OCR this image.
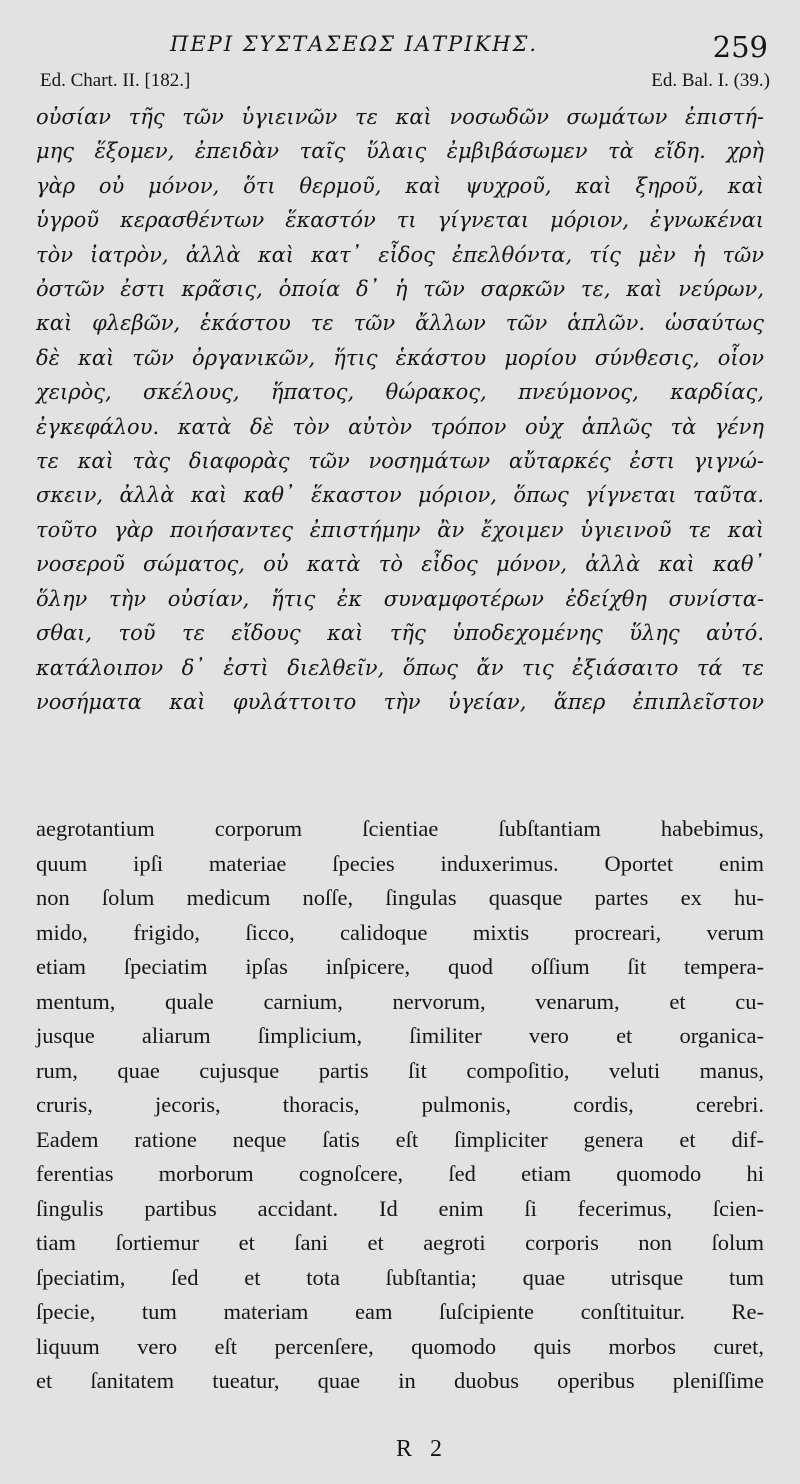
ΠΕΡΙ ΣΥΣΤΑΣΕΩΣ ΙΑΤΡΙΚΗΣ.	259
Ed. Chart. II. [182.]	Ed. Bal. I. (39.)
οὐσίαν τῆς τῶν ὑγιεινῶν τε καὶ νοσωδῶν σωμάτων ἐπιστή-
μης ἕξομεν, ἐπειδὰν ταῖς ὕλαις ἐμβιβάσωμεν τὰ εἴδη. χρὴ
γὰρ οὐ μόνον, ὅτι θερμοῦ, καὶ ψυχροῦ, καὶ ξηροῦ, καὶ
ὑγροῦ κερασθέντων ἕκαστόν τι γίγνεται μόριον, ἐγνωκέναι
τὸν ἰατρὸν, ἀλλὰ καὶ κατ᾽ εἶδος ἐπελθόντα, τίς μὲν ἡ τῶν
ὀστῶν ἐστι κρᾶσις, ὁποία δ᾽ ἡ τῶν σαρκῶν τε, καὶ νεύρων,
καὶ φλεβῶν, ἑκάστου τε τῶν ἄλλων τῶν ἁπλῶν. ὡσαύτως
δὲ καὶ τῶν ὀργανικῶν, ἥτις ἑκάστου μορίου σύνθεσις, οἷον
χειρὸς, σκέλους, ἥπατος, θώρακος, πνεύμονος, καρδίας,
ἐγκεφάλου. κατὰ δὲ τὸν αὐτὸν τρόπον οὐχ ἁπλῶς τὰ γένη
τε καὶ τὰς διαφορὰς τῶν νοσημάτων αὔταρκές ἐστι γιγνώ-
σκειν, ἀλλὰ καὶ καθ᾽ ἕκαστον μόριον, ὅπως γίγνεται ταῦτα.
τοῦτο γὰρ ποιήσαντες ἐπιστήμην ἂν ἔχοιμεν ὑγιεινοῦ τε καὶ
νοσεροῦ σώματος, οὐ κατὰ τὸ εἶδος μόνον, ἀλλὰ καὶ καθ᾽
ὅλην τὴν οὐσίαν, ἥτις ἐκ συναμφοτέρων ἐδείχθη συνίστα-
σθαι, τοῦ τε εἴδους καὶ τῆς ὑποδεχομένης ὕλης αὐτό.
κατάλοιπον δ᾽ ἐστὶ διελθεῖν, ὅπως ἄν τις ἐξιάσαιτο τά τε
νοσήματα καὶ φυλάττοιτο τὴν ὑγείαν, ἅπερ ἐπιπλεῖστον
aegrotantium corporum ſcientiae ſubſtantiam habebimus,
quum ipſi materiae ſpecies induxerimus. Oportet enim
non ſolum medicum noſſe, ſingulas quasque partes ex hu-
mido, frigido, ſicco, calidoque mixtis procreari, verum
etiam ſpeciatim ipſas inſpicere, quod oſſium ſit tempera-
mentum, quale carnium, nervorum, venarum, et cu-
jusque aliarum ſimplicium, ſimiliter vero et organica-
rum, quae cujusque partis ſit compoſitio, veluti manus,
cruris, jecoris, thoracis, pulmonis, cordis, cerebri.
Eadem ratione neque ſatis eſt ſimpliciter genera et dif-
ferentias morborum cognoſcere, ſed etiam quomodo hi
ſingulis partibus accidant. Id enim ſi fecerimus, ſcien-
tiam ſortiemur et ſani et aegroti corporis non ſolum
ſpeciatim, ſed et tota ſubſtantia; quae utrisque tum
ſpecie, tum materiam eam ſuſcipiente conſtituitur. Re-
liquum vero eſt percenſere, quomodo quis morbos curet,
et ſanitatem tueatur, quae in duobus operibus pleniſſime
R 2
